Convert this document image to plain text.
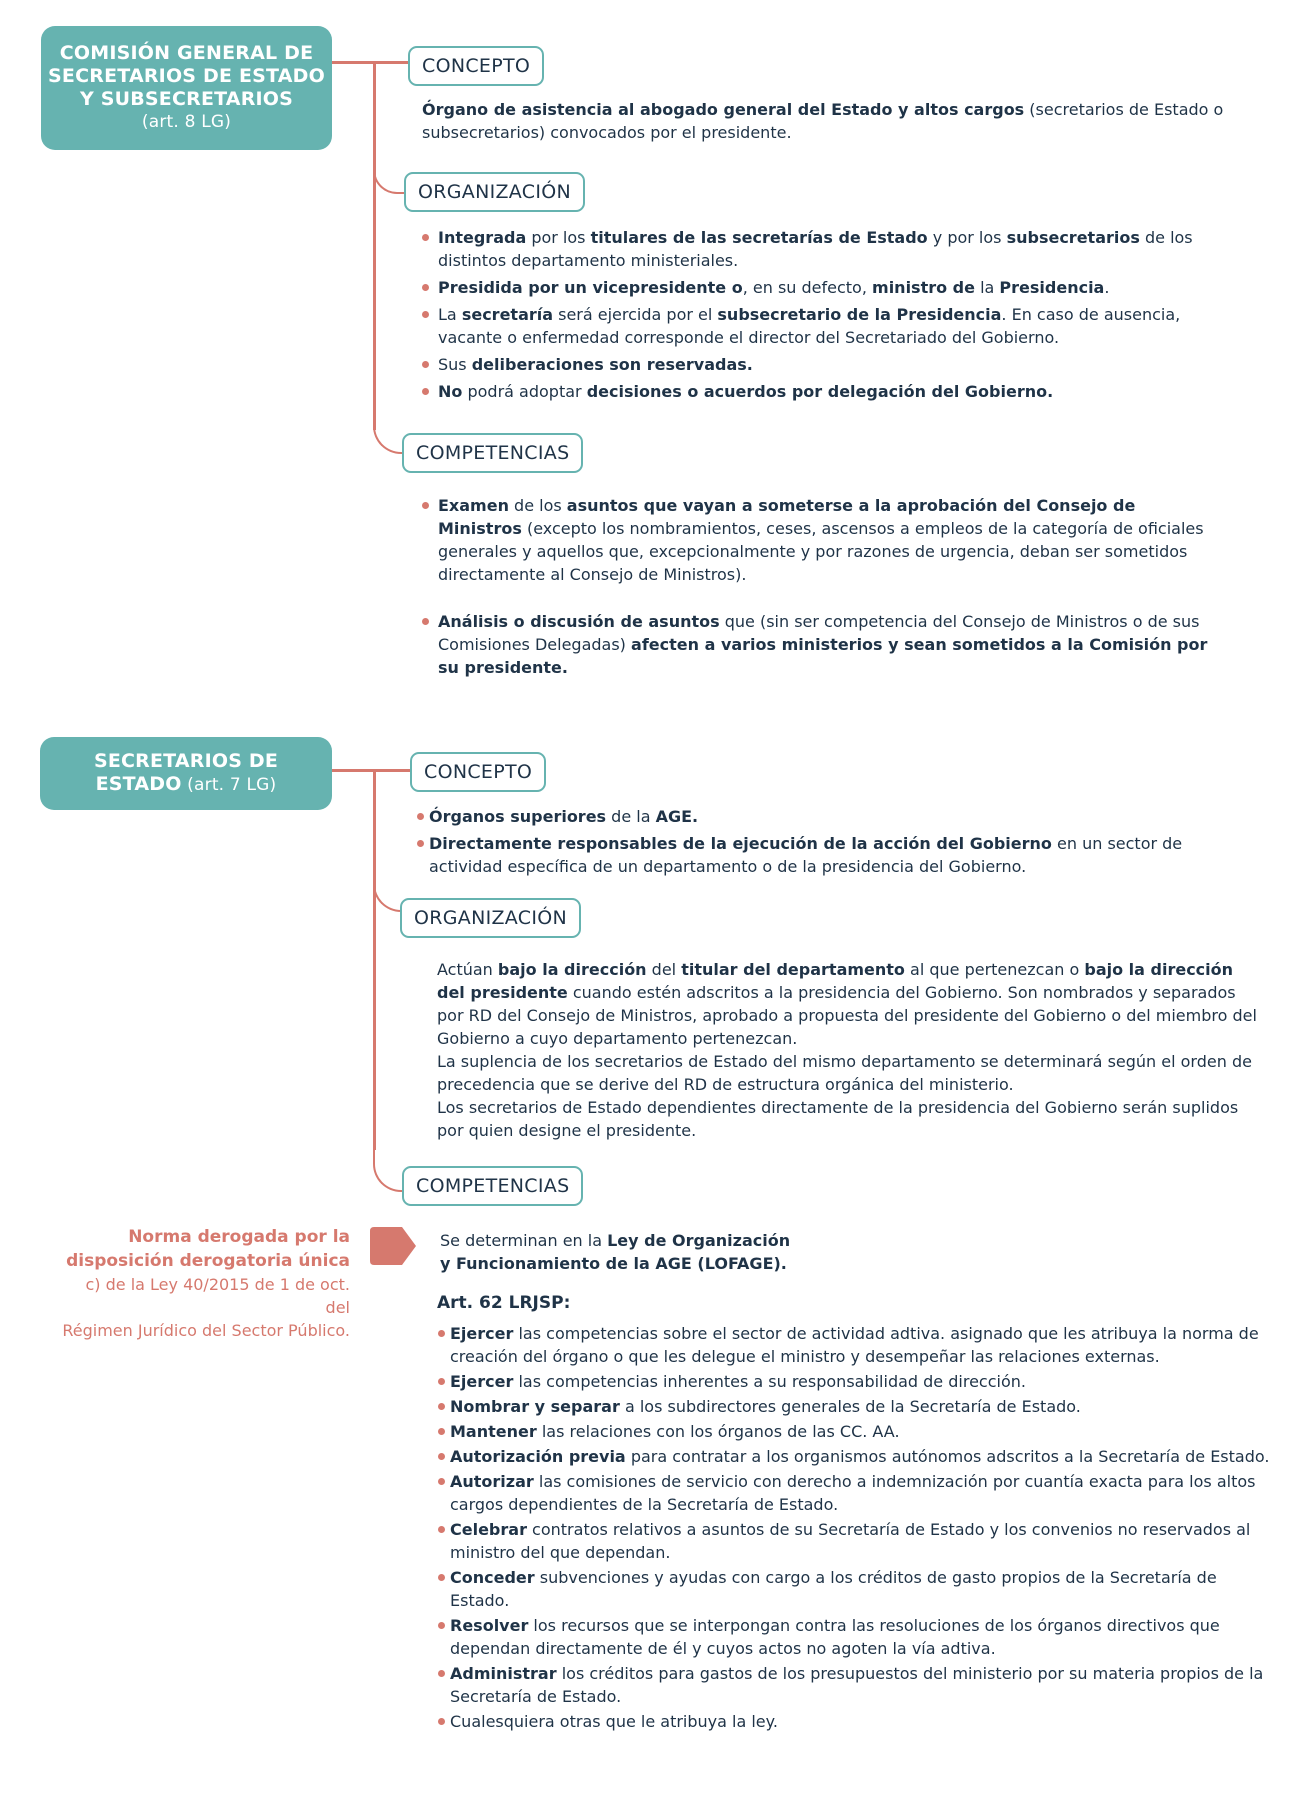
COMISIÓN GENERAL DE
SECRETARIOS DE ESTADO
Y SUBSECRETARIOS
(art. 8 LG)
CONCEPTO
Órgano de asistencia al abogado general del Estado y altos cargos (secretarios de Estado o subsecretarios) convocados por el presidente.
ORGANIZACIÓN
Integrada por los titulares de las secretarías de Estado y por los subsecretarios de los distintos departamento ministeriales.
Presidida por un vicepresidente o, en su defecto, ministro de la Presidencia.
La secretaría será ejercida por el subsecretario de la Presidencia. En caso de ausencia, vacante o enfermedad corresponde el director del Secretariado del Gobierno.
Sus deliberaciones son reservadas.
No podrá adoptar decisiones o acuerdos por delegación del Gobierno.
COMPETENCIAS
Examen de los asuntos que vayan a someterse a la aprobación del Consejo de Ministros (excepto los nombramientos, ceses, ascensos a empleos de la categoría de oficiales generales y aquellos que, excepcionalmente y por razones de urgencia, deban ser sometidos directamente al Consejo de Ministros).
Análisis o discusión de asuntos que (sin ser competencia del Consejo de Ministros o de sus Comisiones Delegadas) afecten a varios ministerios y sean sometidos a la Comisión por su presidente.
SECRETARIOS DE
ESTADO (art. 7 LG)
CONCEPTO
Órganos superiores de la AGE.
Directamente responsables de la ejecución de la acción del Gobierno en un sector de actividad específica de un departamento o de la presidencia del Gobierno.
ORGANIZACIÓN
Actúan bajo la dirección del titular del departamento al que pertenezcan o bajo la dirección del presidente cuando estén adscritos a la presidencia del Gobierno. Son nombrados y separados por RD del Consejo de Ministros, aprobado a propuesta del presidente del Gobierno o del miembro del Gobierno a cuyo departamento pertenezcan.
La suplencia de los secretarios de Estado del mismo departamento se determinará según el orden de precedencia que se derive del RD de estructura orgánica del ministerio.
Los secretarios de Estado dependientes directamente de la presidencia del Gobierno serán suplidos por quien designe el presidente.
COMPETENCIAS
Norma derogada por la
disposición derogatoria única
c) de la Ley 40/2015 de 1 de oct. del
Régimen Jurídico del Sector Público.
Se determinan en la Ley de Organización
y Funcionamiento de la AGE (LOFAGE).
Art. 62 LRJSP:
Ejercer las competencias sobre el sector de actividad adtiva. asignado que les atribuya la norma de creación del órgano o que les delegue el ministro y desempeñar las relaciones externas.
Ejercer las competencias inherentes a su responsabilidad de dirección.
Nombrar y separar a los subdirectores generales de la Secretaría de Estado.
Mantener las relaciones con los órganos de las CC. AA.
Autorización previa para contratar a los organismos autónomos adscritos a la Secretaría de Estado.
Autorizar las comisiones de servicio con derecho a indemnización por cuantía exacta para los altos cargos dependientes de la Secretaría de Estado.
Celebrar contratos relativos a asuntos de su Secretaría de Estado y los convenios no reservados al ministro del que dependan.
Conceder subvenciones y ayudas con cargo a los créditos de gasto propios de la Secretaría de Estado.
Resolver los recursos que se interpongan contra las resoluciones de los órganos directivos que dependan directamente de él y cuyos actos no agoten la vía adtiva.
Administrar los créditos para gastos de los presupuestos del ministerio por su materia propios de la Secretaría de Estado.
Cualesquiera otras que le atribuya la ley.
